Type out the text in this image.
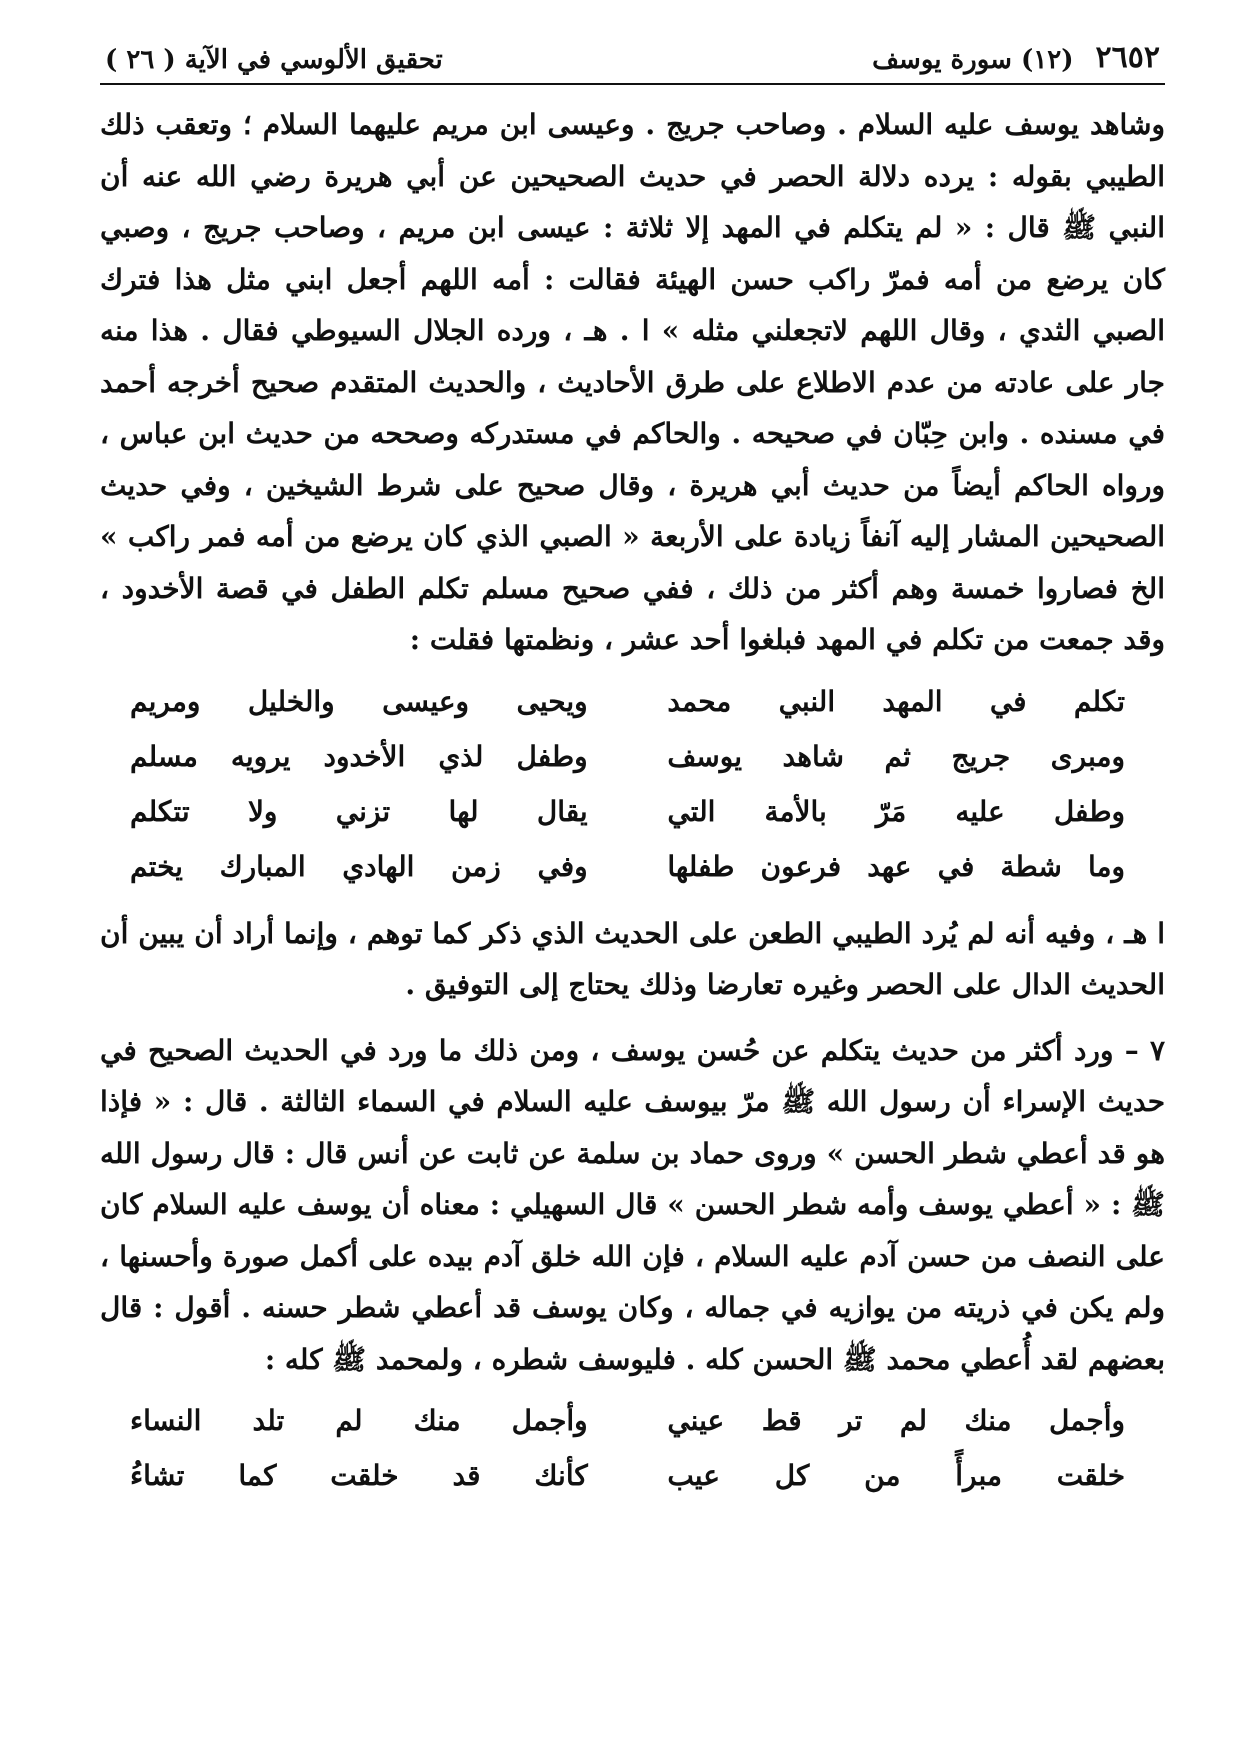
٢٦٥٢
(١٢) سورة يوسف
تحقيق الألوسي في الآية ( ٢٦ )

وشاهد يوسف عليه السلام . وصاحب جريج . وعيسى ابن مريم عليهما السلام ؛ وتعقب ذلك الطيبي بقوله : يرده دلالة الحصر في حديث الصحيحين عن أبي هريرة رضي الله عنه أن النبي ﷺ قال : « لم يتكلم في المهد إلا ثلاثة : عيسى ابن مريم ، وصاحب جريج ، وصبي كان يرضع من أمه فمرّ راكب حسن الهيئة فقالت : أمه اللهم أجعل ابني مثل هذا فترك الصبي الثدي ، وقال اللهم لاتجعلني مثله » ا . هـ ، ورده الجلال السيوطي فقال . هذا منه جار على عادته من عدم الاطلاع على طرق الأحاديث ، والحديث المتقدم صحيح أخرجه أحمد في مسنده . وابن حِبّان في صحيحه . والحاكم في مستدركه وصححه من حديث ابن عباس ، ورواه الحاكم أيضاً من حديث أبي هريرة ، وقال صحيح على شرط الشيخين ، وفي حديث الصحيحين المشار إليه آنفاً زيادة على الأربعة « الصبي الذي كان يرضع من أمه فمر راكب » الخ فصاروا خمسة وهم أكثر من ذلك ، ففي صحيح مسلم تكلم الطفل في قصة الأخدود ، وقد جمعت من تكلم في المهد فبلغوا أحد عشر ، ونظمتها فقلت :

تكلم في المهد النبي محمد
ويحيى وعيسى والخليل ومريم
ومبرى جريج ثم شاهد يوسف
وطفل لذي الأخدود يرويه مسلم
وطفل عليه مَرّ بالأمة التي
يقال لها تزني ولا تتكلم
وما شطة في عهد فرعون طفلها
وفي زمن الهادي المبارك يختم

ا هـ ، وفيه أنه لم يُرد الطيبي الطعن على الحديث الذي ذكر كما توهم ، وإنما أراد أن يبين أن الحديث الدال على الحصر وغيره تعارضا وذلك يحتاج إلى التوفيق .

٧ – ورد أكثر من حديث يتكلم عن حُسن يوسف ، ومن ذلك ما ورد في الحديث الصحيح في حديث الإسراء أن رسول الله ﷺ مرّ بيوسف عليه السلام في السماء الثالثة . قال : « فإذا هو قد أعطي شطر الحسن » وروى حماد بن سلمة عن ثابت عن أنس قال : قال رسول الله ﷺ : « أعطي يوسف وأمه شطر الحسن » قال السهيلي : معناه أن يوسف عليه السلام كان على النصف من حسن آدم عليه السلام ، فإن الله خلق آدم بيده على أكمل صورة وأحسنها ، ولم يكن في ذريته من يوازيه في جماله ، وكان يوسف قد أعطي شطر حسنه . أقول : قال بعضهم لقد أُعطي محمد ﷺ الحسن كله . فليوسف شطره ، ولمحمد ﷺ كله :

وأجمل منك لم تر قط عيني
وأجمل منك لم تلد النساء
خلقت مبرأً من كل عيب
كأنك قد خلقت كما تشاءُ
